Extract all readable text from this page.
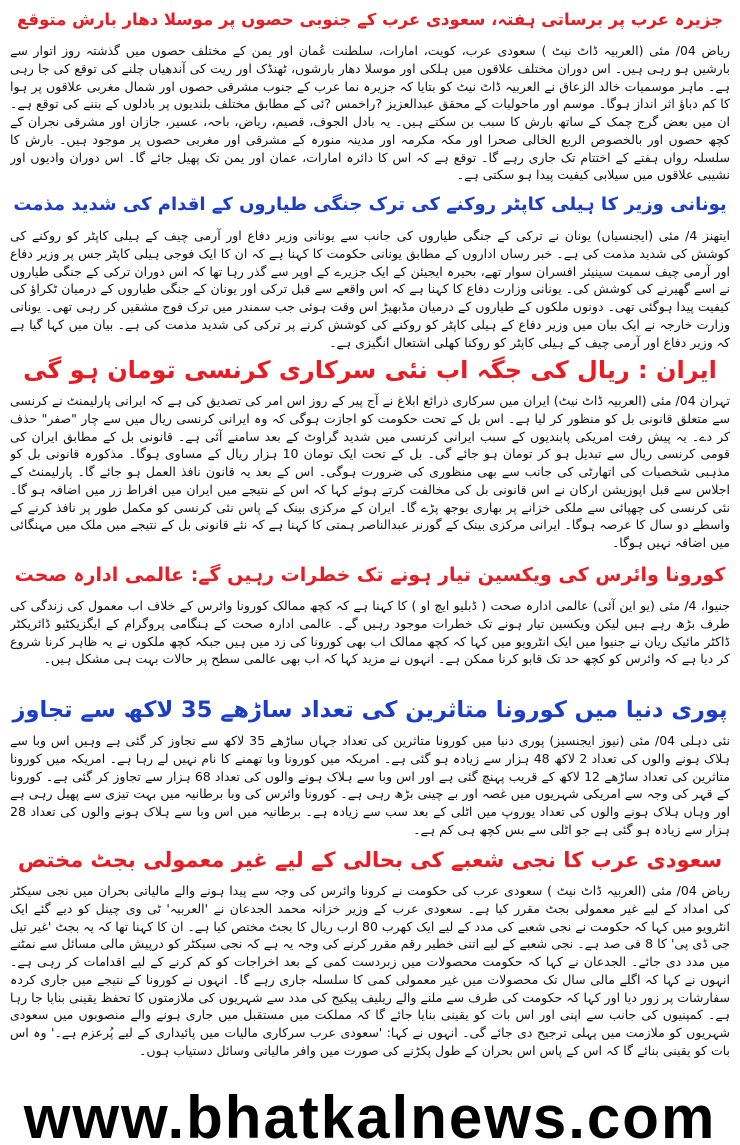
جزیرہ عرب پر برساتی ہفتہ، سعودی عرب کے جنوبی حصوں پر موسلا دھار بارش متوقع

ریاض 04/ مئی (العربیہ ڈاٹ نیٹ ) سعودی عرب، کویت، امارات، سلطنت عُمان اور یمن کے مختلف حصوں میں گذشتہ روز اتوار سے بارشیں ہو رہی ہیں۔ اس دوران مختلف علاقوں میں ہلکی اور موسلا دھار بارشوں، ٹھنڈک اور ریت کی آندھیاں چلنے کی توقع کی جا رہی ہے۔ ماہر موسمیات خالد الزعاق نے العربیہ ڈاٹ نیٹ کو بتایا کہ جزیرہ نما عرب کے جنوب مشرقی حصوں اور شمال مغربی علاقوں پر ہوا کا کم دباؤ اثر انداز ہوگا۔ موسم اور ماحولیات کے محقق عبدالعزیز ?راخمس ?ئی کے مطابق مختلف بلندیوں پر بادلوں کے بننے کی توقع ہے۔ ان میں بعض گرج چمک کے ساتھ بارش کا سبب بن سکتے ہیں۔ یہ بادل الجوف، قصیم، ریاض، باحہ، عسیر، جازان اور مشرقی نجران کے کچھ حصوں اور بالخصوص الربع الخالی صحرا اور مکہ مکرمہ اور مدینہ منورہ کے مشرقی اور مغربی حصوں پر موجود ہیں۔ بارش کا سلسلہ رواں ہفتے کے اختتام تک جاری رہے گا۔ توقع ہے کہ اس کا دائرہ امارات، عمان اور یمن تک پھیل جائے گا۔ اس دوران وادیوں اور نشیبی علاقوں میں سیلابی کیفیت پیدا ہو سکتی ہے۔

یونانی وزیر کا ہیلی کاپٹر روکنے کی ترک جنگی طیاروں کے اقدام کی شدید مذمت

ایتھنز 4/ مئی (ایجنسیاں) یونان نے ترکی کے جنگی طیاروں کی جانب سے یونانی وزیر دفاع اور آرمی چیف کے ہیلی کاپٹر کو روکنے کی کوشش کی شدید مذمت کی ہے۔ خبر رساں اداروں کے مطابق یونانی حکومت کا کہنا ہے کہ ان کا ایک فوجی ہیلی کاپٹر جس پر وزیر دفاع اور آرمی چیف سمیت سینیئر افسران سوار تھے، بحیرہ ایجیئن کے ایک جزیرے کے اوپر سے گذر رہا تھا کہ اس دوران ترکی کے جنگی طیاروں نے اسے گھیرنے کی کوشش کی۔ یونانی وزارت دفاع کا کہنا ہے کہ اس واقعے سے قبل ترکی اور یونان کے جنگی طیاروں کے درمیان ٹکراؤ کی کیفیت پیدا ہوگئی تھی۔ دونوں ملکوں کے طیاروں کے درمیان مڈبھیڑ اس وقت ہوئی جب سمندر میں ترک فوج مشقیں کر رہی تھی۔ یونانی وزارت خارجہ نے ایک بیان میں وزیر دفاع کے ہیلی کاپٹر کو روکنے کی کوشش کرنے پر ترکی کی شدید مذمت کی ہے۔ بیان میں کہا گیا ہے کہ وزیر دفاع اور آرمی چیف کے ہیلی کاپٹر کو روکنا کھلی اشتعال انگیزی ہے۔

ایران : ریال کی جگہ اب نئی سرکاری کرنسی تومان ہو گی

تہران 04/ مئی (العربیہ ڈاٹ نیٹ) ایران میں سرکاری ذرائع ابلاغ نے آج پیر کے روز اس امر کی تصدیق کی ہے کہ ایرانی پارلیمنٹ نے کرنسی سے متعلق قانونی بل کو منظور کر لیا ہے۔ اس بل کے تحت حکومت کو اجازت ہوگی کہ وہ ایرانی کرنسی ریال میں سے چار "صفر" حذف کر دے۔ یہ پیش رفت امریکی پابندیوں کے سبب ایرانی کرنسی میں شدید گراوٹ کے بعد سامنے آئی ہے۔ قانونی بل کے مطابق ایران کی قومی کرنسی ریال سے تبدیل ہو کر تومان ہو جائے گی۔ بل کے تحت ایک تومان 10 ہزار ریال کے مساوی ہوگا۔ مذکورہ قانونی بل کو مذہبی شخصیات کی اتھارٹی کی جانب سے بھی منظوری کی ضرورت ہوگی۔ اس کے بعد یہ قانون نافذ العمل ہو جائے گا۔ پارلیمنٹ کے اجلاس سے قبل اپوزیشن ارکان نے اس قانونی بل کی مخالفت کرتے ہوئے کہا کہ اس کے نتیجے میں ایران میں افراط زر میں اضافہ ہو گا۔ نئی کرنسی کی چھپائی سے ملکی خزانے پر بھاری بوجھ پڑے گا۔ ایران کے مرکزی بینک کے پاس نئی کرنسی کو مکمل طور پر نافذ کرنے کے واسطے دو سال کا عرصہ ہوگا۔ ایرانی مرکزی بینک کے گورنر عبدالناصر ہمتی کا کہنا ہے کہ نئے قانونی بل کے نتیجے میں ملک میں مہنگائی میں اضافہ نہیں ہوگا۔

کورونا وائرس کی ویکسین تیار ہونے تک خطرات رہیں گے: عالمی ادارہ صحت

جنیوا، 4/ مئی (یو این آئی) عالمی ادارہ صحت ( ڈبلیو ایچ او ) کا کہنا ہے کہ کچھ ممالک کورونا وائرس کے خلاف اب معمول کی زندگی کی طرف بڑھ رہے ہیں لیکن ویکسین تیار ہونے تک خطرات موجود رہیں گے۔ عالمی ادارہ صحت کے ہنگامی پروگرام کے ایگزیکٹیو ڈائریکٹر ڈاکٹر مائیک ریان نے جنیوا میں ایک انٹرویو میں کہا کہ کچھ ممالک اب بھی کورونا کی زد میں ہیں جبکہ کچھ ملکوں نے یہ ظاہر کرنا شروع کر دیا ہے کہ وائرس کو کچھ حد تک قابو کرنا ممکن ہے۔ انہوں نے مزید کہا کہ اب بھی عالمی سطح پر حالات بہت ہی مشکل ہیں۔

پوری دنیا میں کورونا متاثرین کی تعداد ساڑھے 35 لاکھ سے تجاوز

نئی دہلی 04/ مئی (نیوز ایجنسیز) پوری دنیا میں کورونا متاثرین کی تعداد جہاں ساڑھے 35 لاکھ سے تجاوز کر گئی ہے وہیں اس وبا سے ہلاک ہونے والوں کی تعداد 2 لاکھ 48 ہزار سے زیادہ ہو گئی ہے۔ امریکہ میں کورونا وبا تھمنے کا نام نہیں لے رہا ہے۔ امریکہ میں کورونا متاثرین کی تعداد ساڑھے 12 لاکھ کے قریب پہنچ گئی ہے اور اس وبا سے ہلاک ہونے والوں کی تعداد 68 ہزار سے تجاوز کر گئی ہے۔ کورونا کے قہر کی وجہ سے امریکی شہریوں میں غصہ اور بے چینی بڑھ رہی ہے۔ کورونا وائرس کی وبا برطانیہ میں بہت تیزی سے پھیل رہی ہے اور وہاں ہلاک ہونے والوں کی تعداد یوروپ میں اٹلی کے بعد سب سے زیادہ ہے۔ برطانیہ میں اس وبا سے ہلاک ہونے والوں کی تعداد 28 ہزار سے زیادہ ہو گئی ہے جو اٹلی سے بس کچھ ہی کم ہے۔

سعودی عرب کا نجی شعبے کی بحالی کے لیے غیر معمولی بجٹ مختص

ریاض 04/ مئی (العربیہ ڈاٹ نیٹ ) سعودی عرب کی حکومت نے کرونا وائرس کی وجہ سے پیدا ہونے والے مالیاتی بحران میں نجی سیکٹر کی امداد کے لیے غیر معمولی بجٹ مقرر کیا ہے۔ سعودی عرب کے وزیر خزانہ محمد الجدعان نے 'العربیہ' ٹی وی چینل کو دیے گئے ایک انٹرویو میں کہا کہ حکومت نے نجی شعبے کی مدد کے لیے ایک کھرب 80 ارب ریال کا بجٹ مختص کیا ہے۔ ان کا کہنا تھا کہ یہ بجٹ 'غیر تیل جی ڈی پی' کا 8 فی صد ہے۔ نجی شعبے کے لیے اتنی خطیر رقم مقرر کرنے کی وجہ یہ ہے کہ نجی سیکٹر کو درپیش مالی مسائل سے نمٹنے میں مدد دی جائے۔ الجدعان نے کہا کہ حکومت محصولات میں زبردست کمی کے بعد اخراجات کو کم کرنے کے لیے اقدامات کر رہی ہے۔ انہوں نے کہا کہ اگلے مالی سال تک محصولات میں غیر معمولی کمی کا سلسلہ جاری رہے گا۔ انہوں نے کورونا کے نتیجے میں جاری کردہ سفارشات پر زور دیا اور کہا کہ حکومت کی طرف سے ملنے والے ریلیف پیکیج کی مدد سے شہریوں کی ملازمتوں کا تحفظ یقینی بنایا جا رہا ہے۔ کمپنیوں کی جانب سے اپنی اور اس بات کو یقینی بنایا جائے گا کہ مملکت میں مستقبل میں جاری ہونے والے منصوبوں میں سعودی شہریوں کو ملازمت میں پہلی ترجیح دی جائے گی۔ انہوں نے کہا: 'سعودی عرب سرکاری مالیات میں پائیداری کے لیے پُرعزم ہے۔' وہ اس بات کو یقینی بنائے گا کہ اس کے پاس اس بحران کے طول پکڑنے کی صورت میں وافر مالیاتی وسائل دستیاب ہوں۔

www.bhatkalnews.com
